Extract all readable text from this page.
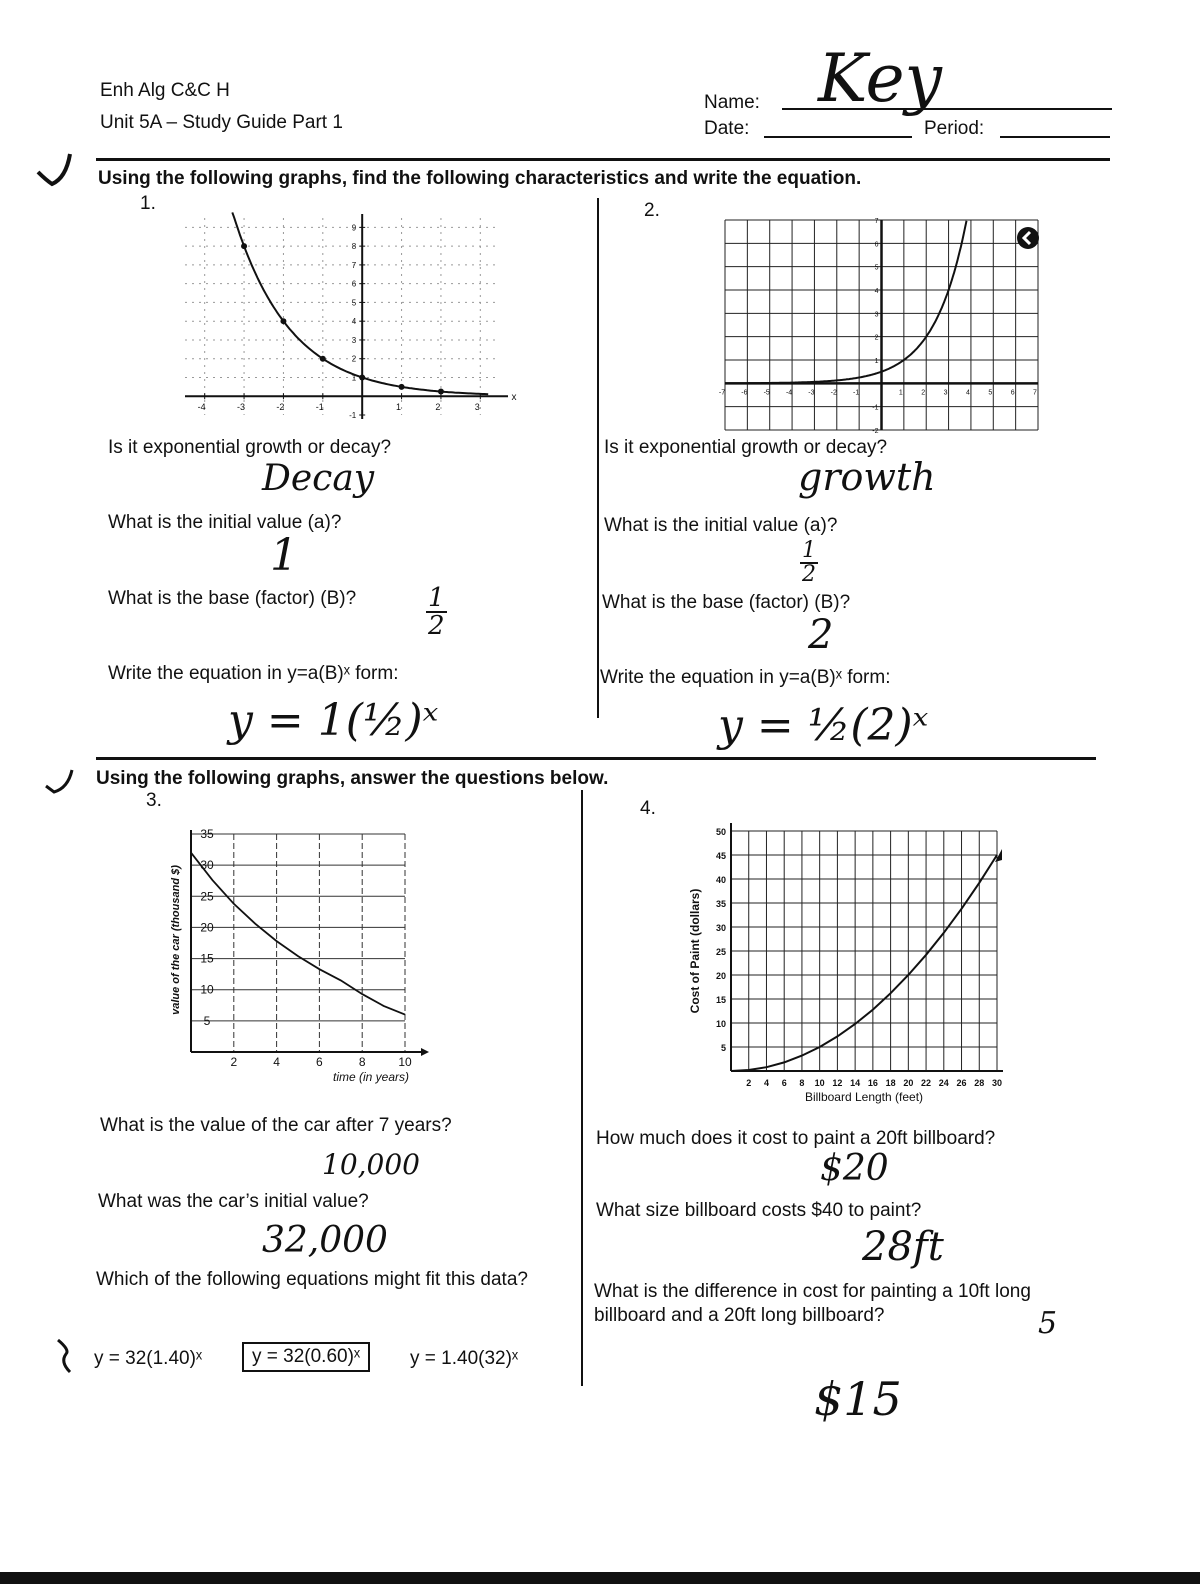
Enh Alg C&C H
Unit 5A – Study Guide Part 1
Name: Key
Date:	Period:
Using the following graphs, find the following characteristics and write the equation.
1.	2.
x
-4	-3	-2	-1	1	2	3
-1
1
2
3
4
5
6
7
8
9
-7 -6 -5 -4 -3 -2 -1	1	2	3	4	5	6	7
-2
-1
1
2
3
4
5
6
7
Is it exponential growth or decay?
Decay
What is the initial value (a)?
1
What is the base (factor) (B)?	$\frac{1}{2}$
Write the equation in y=a(B)ˣ form:
y = 1(½)ˣ
Is it exponential growth or decay?
growth
What is the initial value (a)?
$\frac{1}{2}$
What is the base (factor) (B)?
2
Write the equation in y=a(B)ˣ form:
y = ½(2)ˣ
Using the following graphs, answer the questions below.
3.	4.
2	4	6	8	10
5
10
15
20
25
30
35
time (in years)
value of the car (thousand $)
2 4 6 8 10 12 14 16 18 20 22 24 26 28 30
5
10
15
20
25
30
35
40
45
50
Billboard Length (feet)
Cost of Paint (dollars)
What is the value of the car after 7 years?
10,000
What was the car’s initial value?
32,000
Which of the following equations might fit this data?
y = 32(1.40)ˣ	y = 32(0.60)ˣ	y = 1.40(32)ˣ
How much does it cost to paint a 20ft billboard?
$20
What size billboard costs $40 to paint?
28ft
What is the difference in cost for painting a 10ft long billboard and a 20ft long billboard?	5
$15
